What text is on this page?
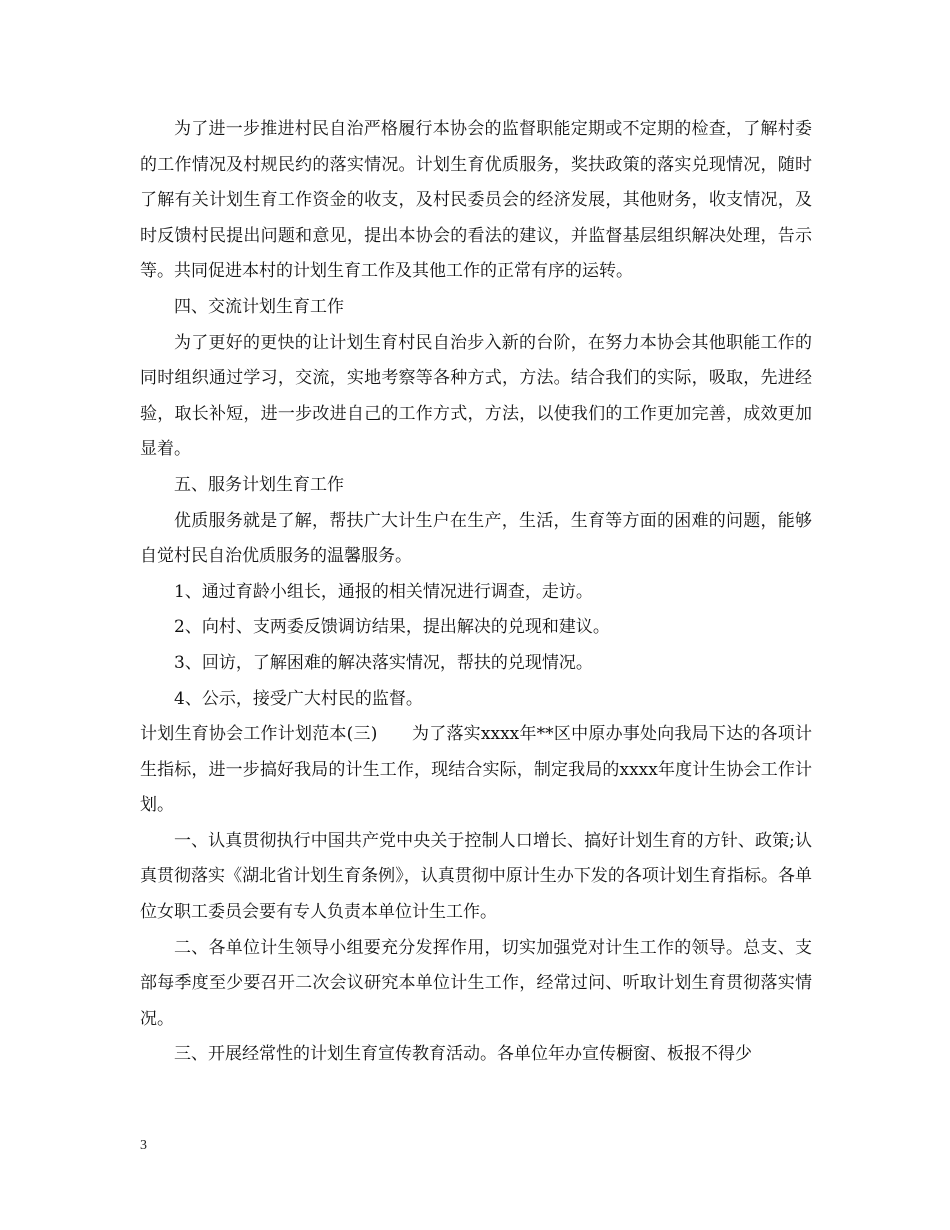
为了进一步推进村民自治严格履行本协会的监督职能定期或不定期的检查，了解村委的工作情况及村规民约的落实情况。计划生育优质服务，奖扶政策的落实兑现情况，随时了解有关计划生育工作资金的收支，及村民委员会的经济发展，其他财务，收支情况，及时反馈村民提出问题和意见，提出本协会的看法的建议，并监督基层组织解决处理，告示等。共同促进本村的计划生育工作及其他工作的正常有序的运转。

四、交流计划生育工作

为了更好的更快的让计划生育村民自治步入新的台阶，在努力本协会其他职能工作的同时组织通过学习，交流，实地考察等各种方式，方法。结合我们的实际，吸取，先进经验，取长补短，进一步改进自己的工作方式，方法，以使我们的工作更加完善，成效更加显着。

五、服务计划生育工作

优质服务就是了解，帮扶广大计生户在生产，生活，生育等方面的困难的问题，能够自觉村民自治优质服务的温馨服务。

1、通过育龄小组长，通报的相关情况进行调查，走访。

2、向村、支两委反馈调访结果，提出解决的兑现和建议。

3、回访，了解困难的解决落实情况，帮扶的兑现情况。

4、公示，接受广大村民的监督。

计划生育协会工作计划范本(三)　　为了落实xxxx年**区中原办事处向我局下达的各项计生指标，进一步搞好我局的计生工作，现结合实际，制定我局的xxxx年度计生协会工作计划。

一、认真贯彻执行中国共产党中央关于控制人口增长、搞好计划生育的方针、政策;认真贯彻落实《湖北省计划生育条例》，认真贯彻中原计生办下发的各项计划生育指标。各单位女职工委员会要有专人负责本单位计生工作。

二、各单位计生领导小组要充分发挥作用，切实加强党对计生工作的领导。总支、支部每季度至少要召开二次会议研究本单位计生工作，经常过问、听取计划生育贯彻落实情况。

三、开展经常性的计划生育宣传教育活动。各单位年办宣传橱窗、板报不得少

3
